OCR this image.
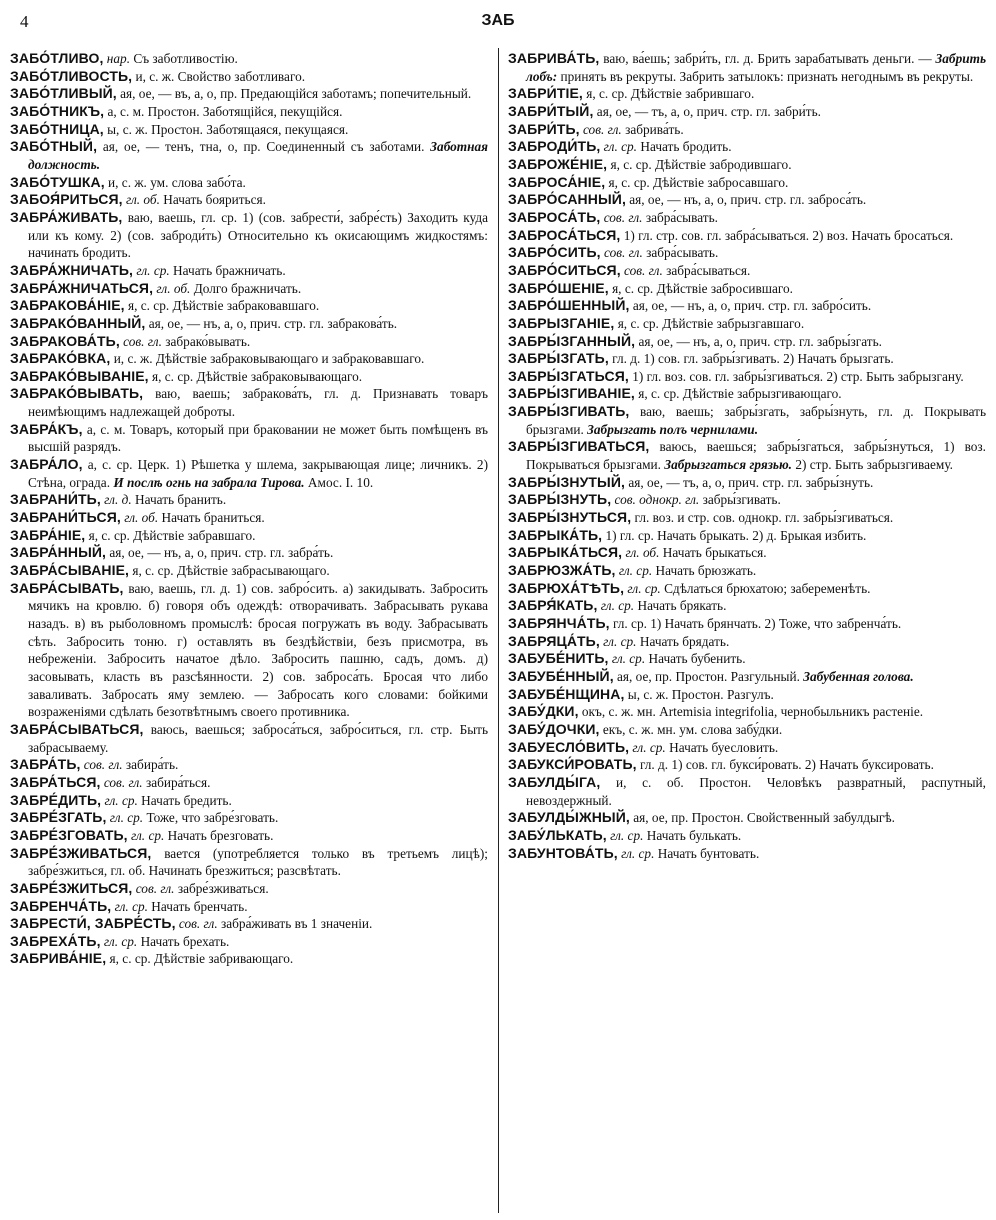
4	ЗАБ

ЗАБО́ТЛИВО, нар. Съ заботливостію.

ЗАБО́ТЛИВОСТЬ, и, с. ж. Свойство заботливаго.

ЗАБО́ТЛИВЫЙ, ая, ое, — въ, а, о, пр. Предающійся заботамъ; попечительный.

ЗАБО́ТНИКЪ, а, с. м. Простон. Заботящійся, пекущійся.

ЗАБО́ТНИЦА, ы, с. ж. Простон. Заботящаяся, пекущаяся.

ЗАБО́ТНЫЙ, ая, ое, — тенъ, тна, о, пр. Соединенный съ заботами. Заботная должность.

ЗАБО́ТУШКА, и, с. ж. ум. слова забо́та.

ЗАБОЯ́РИТЬСЯ, гл. об. Начать бояриться.

ЗАБРА́ЖИВАТЬ, ваю, ваешь, гл. ср. 1) (сов. забрести́, забре́сть) Заходить куда или къ кому. 2) (сов. заброди́ть) Относительно къ окисающимъ жидкостямъ: начинать бродить.

ЗАБРА́ЖНИЧАТЬ, гл. ср. Начать бражничать.

ЗАБРА́ЖНИЧАТЬСЯ, гл. об. Долго бражничать.

ЗАБРАКОВА́НІЕ, я, с. ср. Дѣйствіе забраковавшаго.

ЗАБРАКО́ВАННЫЙ, ая, ое, — нъ, а, о, прич. стр. гл. забракова́ть.

ЗАБРАКОВА́ТЬ, сов. гл. забрако́вывать.

ЗАБРАКО́ВКА, и, с. ж. Дѣйствіе забраковывающаго и забраковавшаго.

ЗАБРАКО́ВЫВАНІЕ, я, с. ср. Дѣйствіе забраковывающаго.

ЗАБРАКО́ВЫВАТЬ, ваю, ваешь; забракова́ть, гл. д. Признавать товаръ неимѣющимъ надлежащей доброты.

ЗАБРА́КЪ, а, с. м. Товаръ, который при браковании не может быть помѣщенъ въ высшій разрядъ.

ЗАБРА́ЛО, а, с. ср. Церк. 1) Рѣшетка у шлема, закрывающая лице; личникъ. 2) Стѣна, ограда. И послѣ огнь на забрала Тирова. Амос. І. 10.

ЗАБРАНИ́ТЬ, гл. д. Начать бранить.

ЗАБРАНИ́ТЬСЯ, гл. об. Начать браниться.

ЗАБРА́НІЕ, я, с. ср. Дѣйствіе забравшаго.

ЗАБРА́ННЫЙ, ая, ое, — нъ, а, о, прич. стр. гл. забра́ть.

ЗАБРА́СЫВАНІЕ, я, с. ср. Дѣйствіе забрасывающаго.

ЗАБРА́СЫВАТЬ, ваю, ваешь, гл. д. 1) сов. забро́сить. а) закидывать. Забросить мячикъ на кровлю. б) говоря объ одеждѣ: отворачивать. Забрасывать рукава назадъ. в) въ рыболовномъ промыслѣ: бросая погружать въ воду. Забрасывать сѣть. Забросить тоню. г) оставлять въ бездѣйствіи, безъ присмотра, въ небреженіи. Забросить начатое дѣло. Забросить пашню, садъ, домъ. д) засовывать, класть въ разсѣянности. 2) сов. заброса́ть. Бросая что либо заваливать. Забросать яму землею. — Забросать кого словами: бойкими возраженіями сдѣлать безотвѣтнымъ своего противника.

ЗАБРА́СЫВАТЬСЯ, ваюсь, ваешься; заброса́ться, забро́ситься, гл. стр. Быть забрасываему.

ЗАБРА́ТЬ, сов. гл. забира́ть.

ЗАБРА́ТЬСЯ, сов. гл. забира́ться.

ЗАБРЕ́ДИТЬ, гл. ср. Начать бредить.

ЗАБРЕ́ЗГАТЬ, гл. ср. Тоже, что забре́зговать.

ЗАБРЕ́ЗГОВАТЬ, гл. ср. Начать брезговать.

ЗАБРЕ́ЗЖИВАТЬСЯ, вается (употребляется только въ третьемъ лицѣ); забре́зжиться, гл. об. Начинать брезжиться; разсвѣтать.

ЗАБРЕ́ЗЖИТЬСЯ, сов. гл. забре́зживаться.

ЗАБРЕНЧА́ТЬ, гл. ср. Начать бренчать.

ЗАБРЕСТИ́, ЗАБРЕ́СТЬ, сов. гл. забра́живать въ 1 значеніи.

ЗАБРЕХА́ТЬ, гл. ср. Начать брехать.

ЗАБРИВА́НІЕ, я, с. ср. Дѣйствіе забривающаго.

ЗАБРИВА́ТЬ, ваю, ва́ешь; забри́ть, гл. д. Брить зарабатывать деньги. — Забрить лобъ: принять въ рекруты. Забрить затылокъ: признать негоднымъ въ рекруты.

ЗАБРИ́ТІЕ, я, с. ср. Дѣйствіе забрившаго.

ЗАБРИ́ТЫЙ, ая, ое, — тъ, а, о, прич. стр. гл. забри́ть.

ЗАБРИ́ТЬ, сов. гл. забрива́ть.

ЗАБРОДИ́ТЬ, гл. ср. Начать бродить.

ЗАБРОЖЕ́НІЕ, я, с. ср. Дѣйствіе забродившаго.

ЗАБРОСА́НІЕ, я, с. ср. Дѣйствіе забросавшаго.

ЗАБРО́САННЫЙ, ая, ое, — нъ, а, о, прич. стр. гл. заброса́ть.

ЗАБРОСА́ТЬ, сов. гл. забра́сывать.

ЗАБРОСА́ТЬСЯ, 1) гл. стр. сов. гл. забра́сываться. 2) воз. Начать бросаться.

ЗАБРО́СИТЬ, сов. гл. забра́сывать.

ЗАБРО́СИТЬСЯ, сов. гл. забра́сываться.

ЗАБРО́ШЕНІЕ, я, с. ср. Дѣйствіе забросившаго.

ЗАБРО́ШЕННЫЙ, ая, ое, — нъ, а, о, прич. стр. гл. забро́сить.

ЗАБРЫЗГАНІЕ, я, с. ср. Дѣйствіе забрызгавшаго.

ЗАБРЫ́ЗГАННЫЙ, ая, ое, — нъ, а, о, прич. стр. гл. забры́згать.

ЗАБРЫ́ЗГАТЬ, гл. д. 1) сов. гл. забры́згивать. 2) Начать брызгать.

ЗАБРЫ́ЗГАТЬСЯ, 1) гл. воз. сов. гл. забры́згиваться. 2) стр. Быть забрызгану.

ЗАБРЫ́ЗГИВАНІЕ, я, с. ср. Дѣйствіе забрызгивающаго.

ЗАБРЫ́ЗГИВАТЬ, ваю, ваешь; забры́згать, забры́знуть, гл. д. Покрывать брызгами. Забрызгать полъ чернилами.

ЗАБРЫ́ЗГИВАТЬСЯ, ваюсь, ваешься; забры́згаться, забры́знуться, 1) воз. Покрываться брызгами. Забрызгаться грязью. 2) стр. Быть забрызгиваему.

ЗАБРЫ́ЗНУТЫЙ, ая, ое, — тъ, а, о, прич. стр. гл. забры́знуть.

ЗАБРЫ́ЗНУТЬ, сов. однокр. гл. забры́згивать.

ЗАБРЫ́ЗНУТЬСЯ, гл. воз. и стр. сов. однокр. гл. забры́згиваться.

ЗАБРЫКА́ТЬ, 1) гл. ср. Начать брыкать. 2) д. Брыкая избить.

ЗАБРЫКА́ТЬСЯ, гл. об. Начать брыкаться.

ЗАБРЮЗЖА́ТЬ, гл. ср. Начать брюзжать.

ЗАБРЮХА́ТѢТЬ, гл. ср. Сдѣлаться брюхатою; забеременѣть.

ЗАБРЯ́КАТЬ, гл. ср. Начать брякать.

ЗАБРЯНЧА́ТЬ, гл. ср. 1) Начать брянчать. 2) Тоже, что забренча́ть.

ЗАБРЯЦА́ТЬ, гл. ср. Начать брядать.

ЗАБУБЕ́НИТЬ, гл. ср. Начать бубенить.

ЗАБУБЕ́ННЫЙ, ая, ое, пр. Простон. Разгульный. Забубенная голова.

ЗАБУБЕ́НЩИНА, ы, с. ж. Простон. Разгулъ.

ЗАБУ́ДКИ, окъ, с. ж. мн. Artemisia integrifolia, чернобыльникъ растеніе.

ЗАБУ́ДОЧКИ, екъ, с. ж. мн. ум. слова забу́дки.

ЗАБУЕСЛО́ВИТЬ, гл. ср. Начать буесловить.

ЗАБУКСИ́РОВАТЬ, гл. д. 1) сов. гл. букси́ровать. 2) Начать буксировать.

ЗАБУЛДЫ́ГА, и, с. об. Простон. Человѣкъ развратный, распутный, невоздержный.

ЗАБУЛДЫ́ЖНЫЙ, ая, ое, пр. Простон. Свойственный забулдыгѣ.

ЗАБУ́ЛЬКАТЬ, гл. ср. Начать булькать.

ЗАБУНТОВА́ТЬ, гл. ср. Начать бунтовать.
